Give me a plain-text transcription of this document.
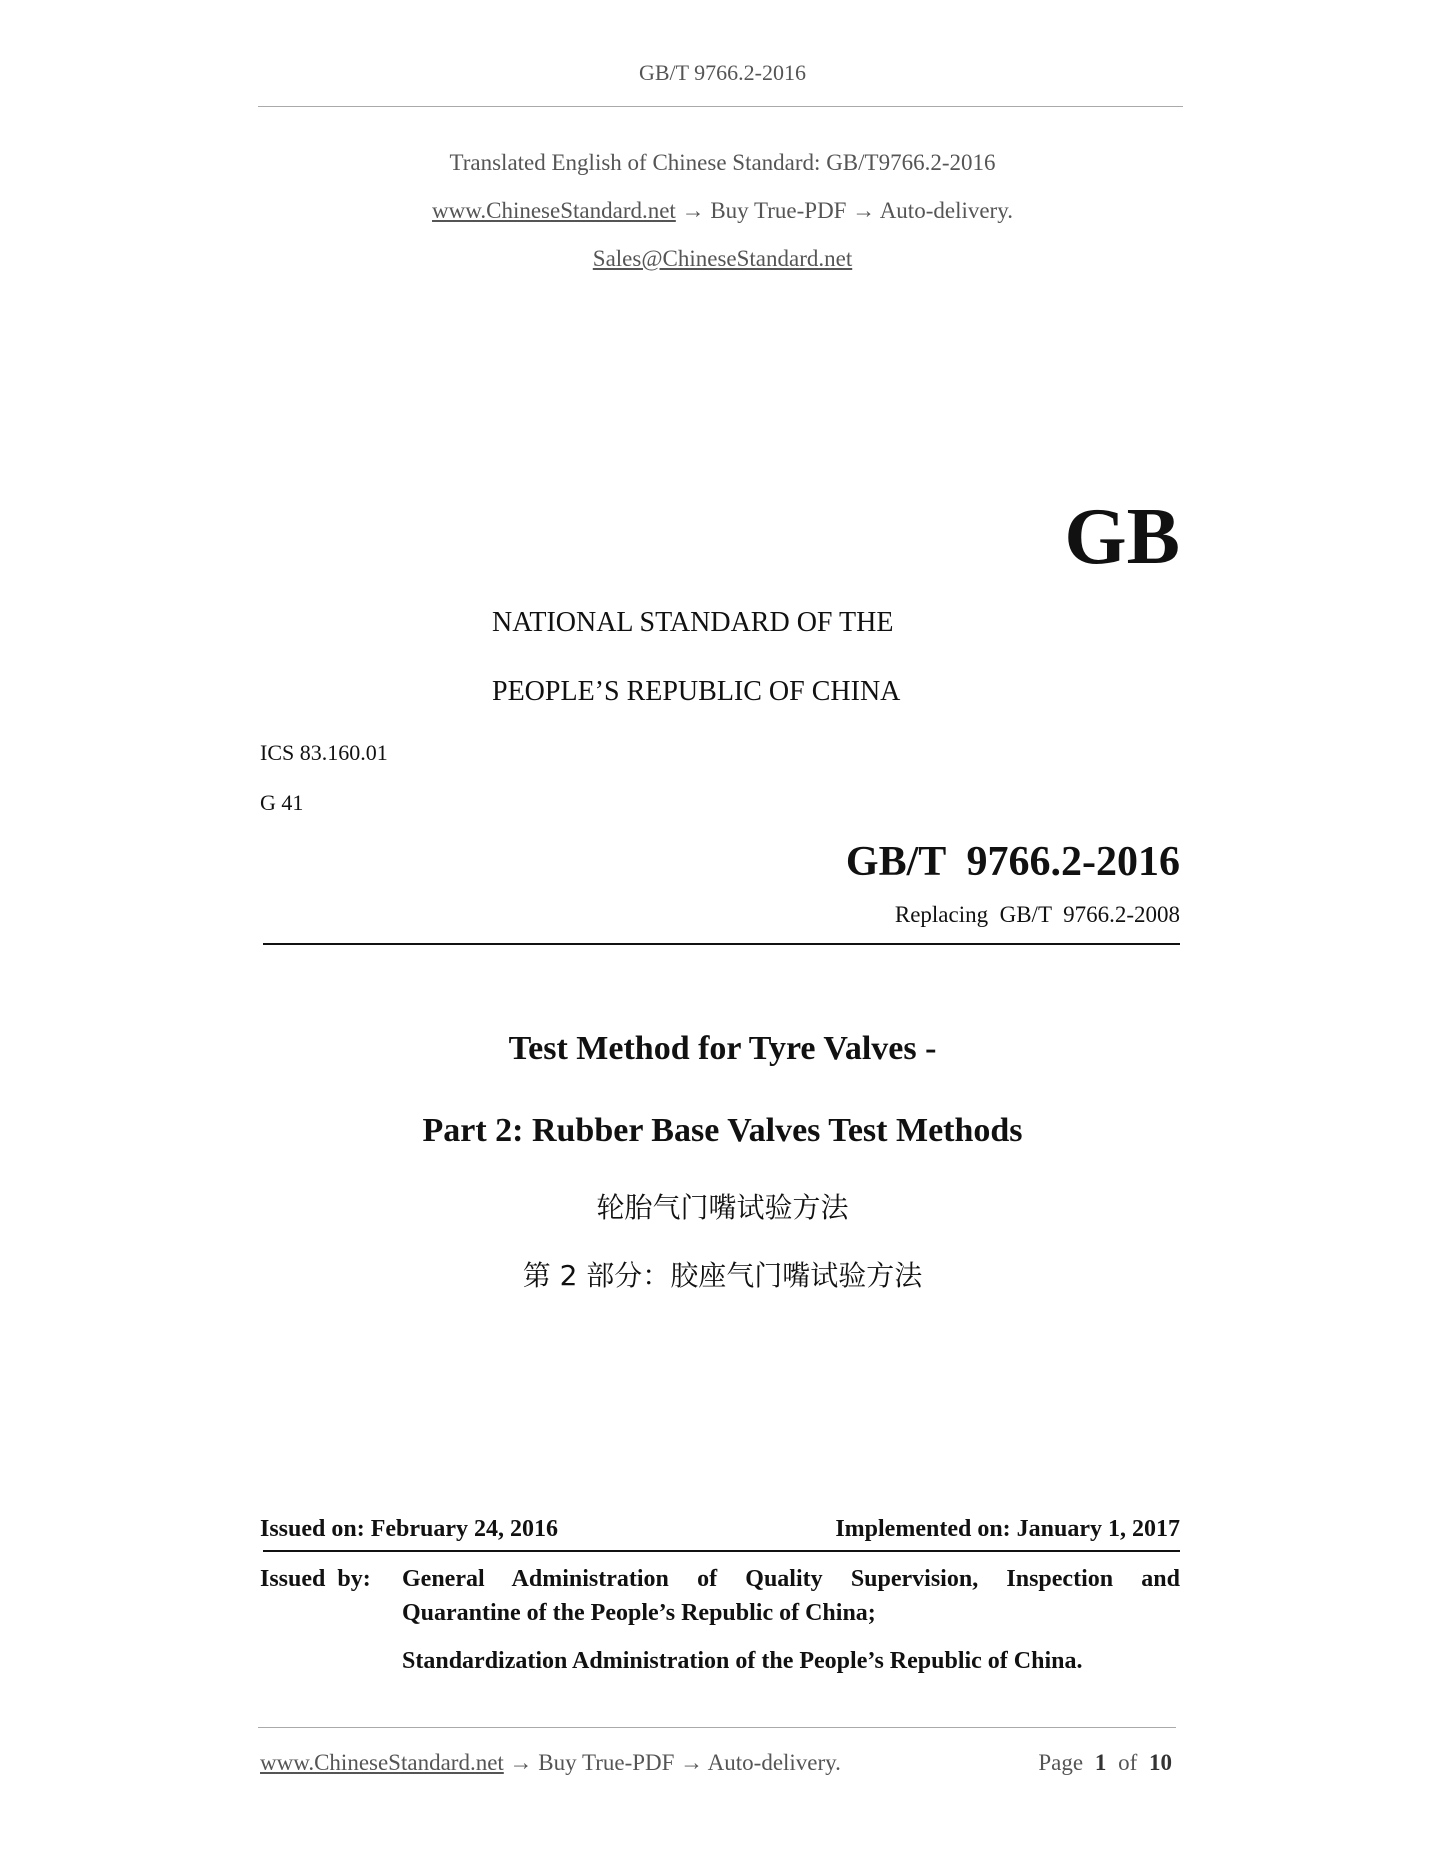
GB/T 9766.2-2016
Translated English of Chinese Standard: GB/T9766.2-2016
www.ChineseStandard.net → Buy True-PDF → Auto-delivery.
Sales@ChineseStandard.net
GB
NATIONAL STANDARD OF THE
PEOPLE’S REPUBLIC OF CHINA
ICS 83.160.01
G 41
GB/T  9766.2-2016
Replacing  GB/T  9766.2-2008
Test Method for Tyre Valves -
Part 2: Rubber Base Valves Test Methods
轮胎气门嘴试验方法
第 2 部分：胶座气门嘴试验方法
Issued on: February 24, 2016	Implemented on: January 1, 2017
Issued  by: General Administration of Quality Supervision, Inspection and
Quarantine of the People’s Republic of China;
Standardization Administration of the People’s Republic of China.
www.ChineseStandard.net → Buy True-PDF → Auto-delivery.	Page 1 of 10
